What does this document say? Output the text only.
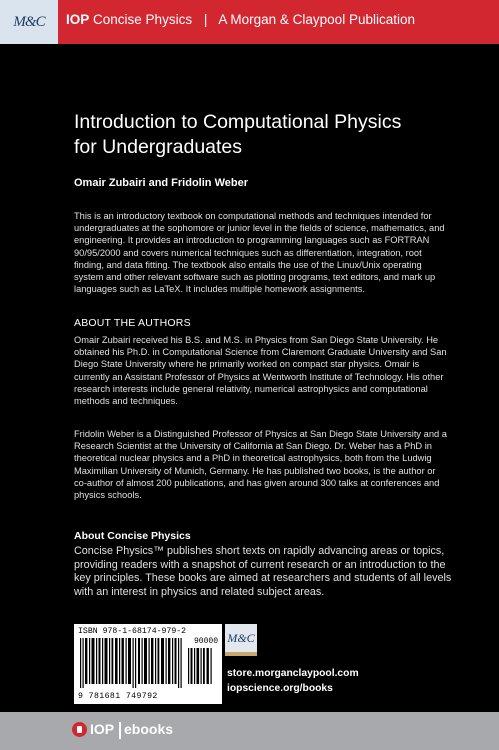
M&C IOP Concise Physics | A Morgan & Claypool Publication
Introduction to Computational Physics
for Undergraduates
Omair Zubairi and Fridolin Weber

This is an introductory textbook on computational methods and techniques intended for undergraduates at the sophomore or junior level in the fields of science, mathematics, and engineering. It provides an introduction to programming languages such as FORTRAN 90/95/2000 and covers numerical techniques such as differentiation, integration, root finding, and data fitting. The textbook also entails the use of the Linux/Unix operating system and other relevant software such as plotting programs, text editors, and mark up languages such as LaTeX. It includes multiple homework assignments.

ABOUT THE AUTHORS

Omair Zubairi received his B.S. and M.S. in Physics from San Diego State University. He obtained his Ph.D. in Computational Science from Claremont Graduate University and San Diego State University where he primarily worked on compact star physics. Omair is currently an Assistant Professor of Physics at Wentworth Institute of Technology. His other research interests include general relativity, numerical astrophysics and computational methods and techniques.

Fridolin Weber is a Distinguished Professor of Physics at San Diego State University and a Research Scientist at the University of California at San Diego. Dr. Weber has a PhD in theoretical nuclear physics and a PhD in theoretical astrophysics, both from the Ludwig Maximilian University of Munich, Germany. He has published two books, is the author or co-author of almost 200 publications, and has given around 300 talks at conferences and physics schools.

About Concise Physics

Concise Physics™ publishes short texts on rapidly advancing areas or topics, providing readers with a snapshot of current research or an introduction to the key principles. These books are aimed at researchers and students of all levels with an interest in physics and related subject areas.

ISBN 978-1-68174-979-2
90000
9 781681 749792
M&C
store.morganclaypool.com
iopscience.org/books
IOP ebooks
